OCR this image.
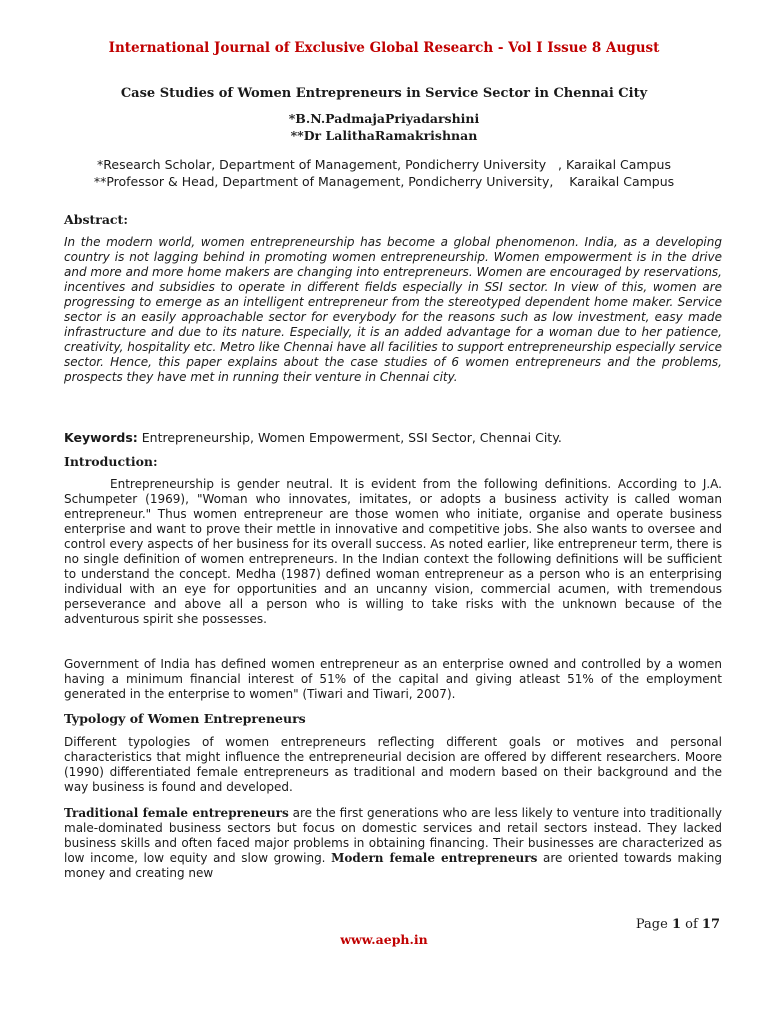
International Journal of Exclusive Global Research - Vol I Issue 8 August
Case Studies of Women Entrepreneurs in Service Sector in Chennai City
*B.N.PadmajaPriyadarshini
**Dr LalithaRamakrishnan
*Research Scholar, Department of Management, Pondicherry University   , Karaikal Campus
**Professor & Head, Department of Management, Pondicherry University,    Karaikal Campus
Abstract:
In the modern world, women entrepreneurship has become a global phenomenon. India, as a developing country is not lagging behind in promoting women entrepreneurship. Women empowerment is in the drive and more and more home makers are changing into entrepreneurs. Women are encouraged by reservations, incentives and subsidies to operate in different fields especially in SSI sector. In view of this, women are progressing to emerge as an intelligent entrepreneur from the stereotyped dependent home maker. Service sector is an easily approachable sector for everybody for the reasons such as low investment, easy made infrastructure and due to its nature. Especially, it is an added advantage for a woman due to her patience, creativity, hospitality etc. Metro like Chennai have all facilities to support entrepreneurship especially service sector. Hence, this paper explains about the case studies of 6 women entrepreneurs and the problems, prospects they have met in running their venture in Chennai city.
Keywords: Entrepreneurship, Women Empowerment, SSI Sector, Chennai City.
Introduction:
Entrepreneurship is gender neutral. It is evident from the following definitions. According to J.A. Schumpeter (1969), "Woman who innovates, imitates, or adopts a business activity is called woman entrepreneur." Thus women entrepreneur are those women who initiate, organise and operate business enterprise and want to prove their mettle in innovative and competitive jobs. She also wants to oversee and control every aspects of her business for its overall success. As noted earlier, like entrepreneur term, there is no single definition of women entrepreneurs. In the Indian context the following definitions will be sufficient to understand the concept. Medha (1987) defined woman entrepreneur as a person who is an enterprising individual with an eye for opportunities and an uncanny vision, commercial acumen, with tremendous perseverance and above all a person who is willing to take risks with the unknown because of the adventurous spirit she possesses.
Government of India has defined women entrepreneur as an enterprise owned and controlled by a women having a minimum financial interest of 51% of the capital and giving atleast 51% of the employment generated in the enterprise to women" (Tiwari and Tiwari, 2007).
Typology of Women Entrepreneurs
Different typologies of women entrepreneurs reflecting different goals or motives and personal characteristics that might influence the entrepreneurial decision are offered by different researchers. Moore (1990) differentiated female entrepreneurs as traditional and modern based on their background and the way business is found and developed.
Traditional female entrepreneurs are the first generations who are less likely to venture into traditionally male-dominated business sectors but focus on domestic services and retail sectors instead. They lacked business skills and often faced major problems in obtaining financing. Their businesses are characterized as low income, low equity and slow growing. Modern female entrepreneurs are oriented towards making money and creating new
Page 1 of 17
www.aeph.in
